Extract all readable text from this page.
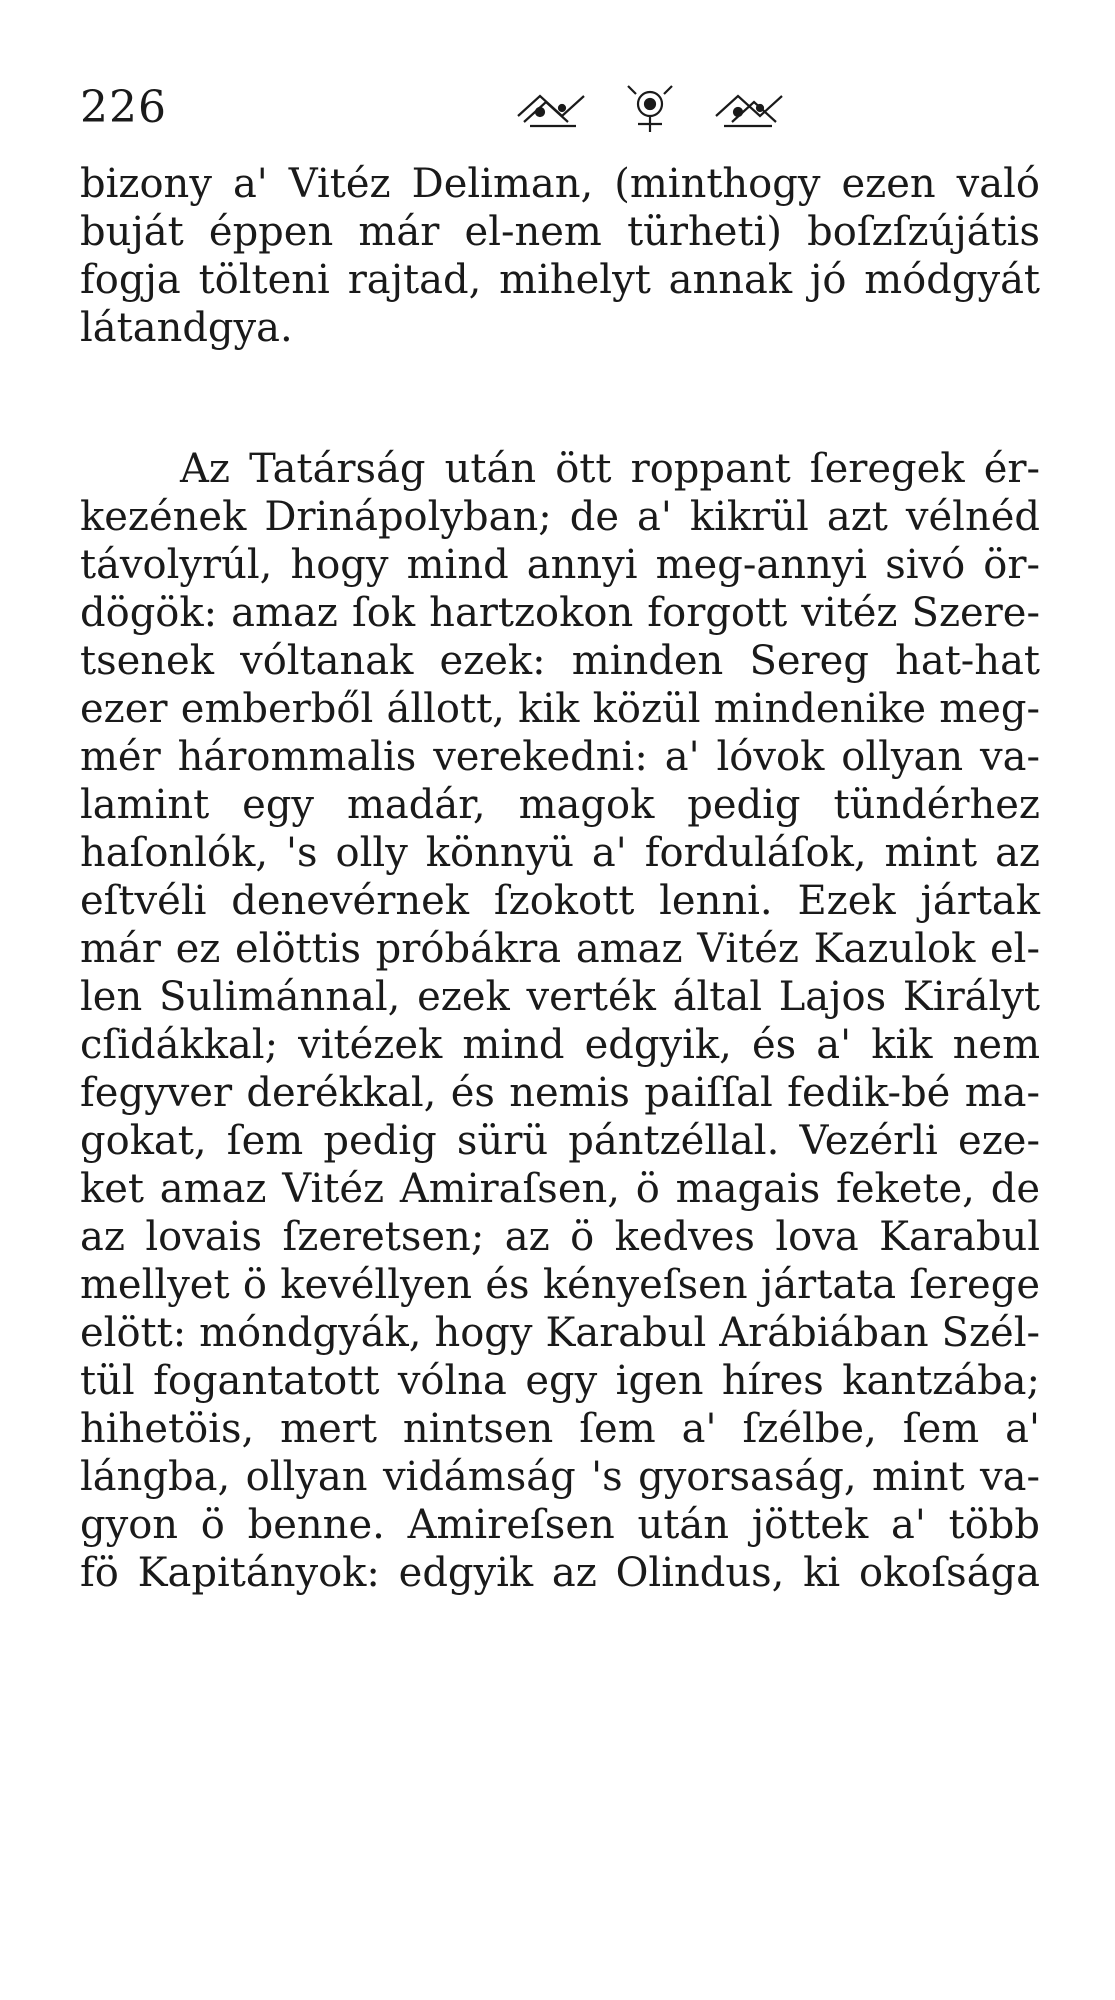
226
bizony a' Vitéz Deliman, (minthogy ezen való
buját éppen már el-nem türheti) boſzſzújátis
fogja tölteni rajtad, mihelyt annak jó módgyát
látandgya.
Az Tatárság után ött roppant ſeregek ér-
kezének Drinápolyban; de a' kikrül azt vélnéd
távolyrúl, hogy mind annyi meg-annyi sivó ör-
dögök: amaz ſok hartzokon forgott vitéz Szere-
tsenek vóltanak ezek: minden Sereg hat-hat
ezer emberből állott, kik közül mindenike meg-
mér hárommalis verekedni: a' lóvok ollyan va-
lamint egy madár, magok pedig tündérhez
haſonlók, 's olly könnyü a' forduláſok, mint az
eſtvéli denevérnek ſzokott lenni. Ezek jártak
már ez elöttis próbákra amaz Vitéz Kazulok el-
len Sulimánnal, ezek verték által Lajos Királyt
cſidákkal; vitézek mind edgyik, és a' kik nem
fegyver derékkal, és nemis paiſſal fedik-bé ma-
gokat, ſem pedig sürü pántzéllal. Vezérli eze-
ket amaz Vitéz Amiraſsen, ö magais fekete, de
az lovais ſzeretsen; az ö kedves lova Karabul
mellyet ö kevéllyen és kényeſsen jártata ſerege
elött: móndgyák, hogy Karabul Arábiában Szél-
tül fogantatott vólna egy igen híres kantzába;
hihetöis, mert nintsen ſem a' ſzélbe, ſem a'
lángba, ollyan vidámság 's gyorsaság, mint va-
gyon ö benne. Amireſsen után jöttek a' több
fö Kapitányok: edgyik az Olindus, ki okoſsága
